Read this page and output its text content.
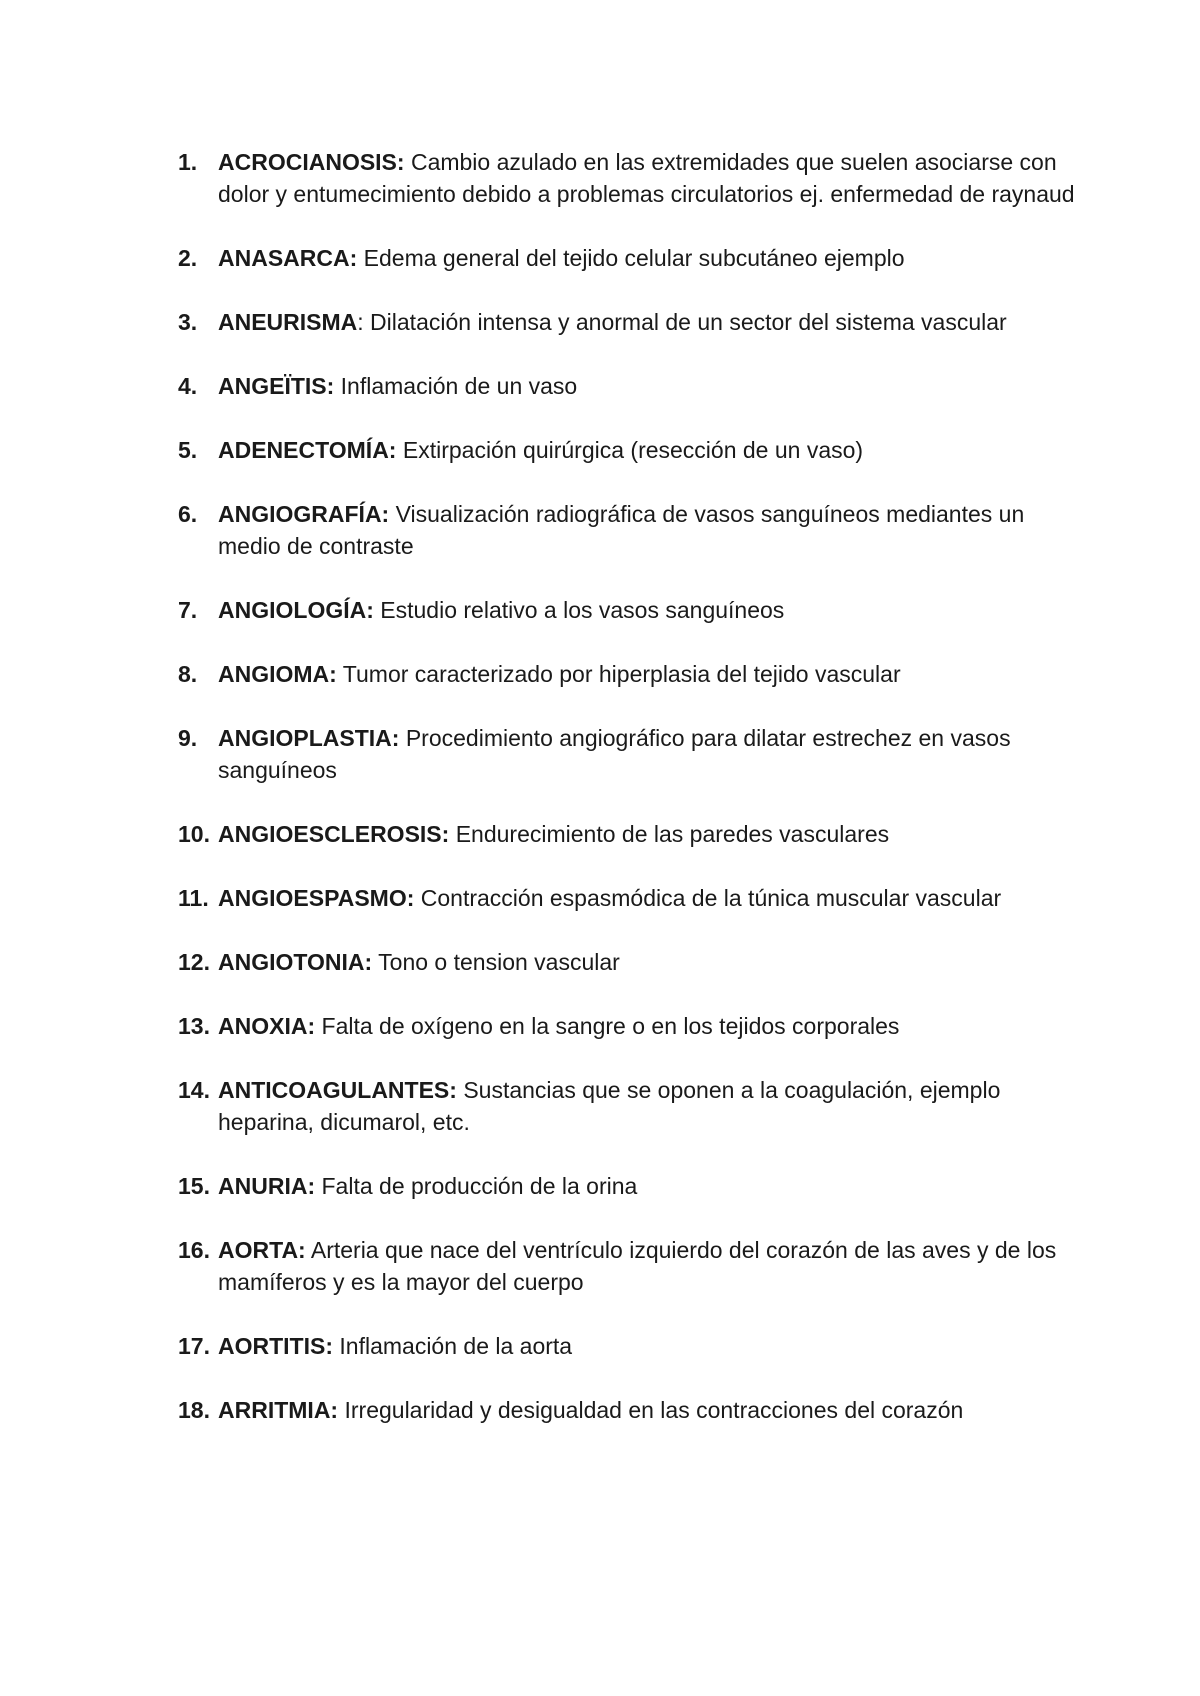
1. ACROCIANOSIS: Cambio azulado en las extremidades que suelen asociarse con dolor y entumecimiento debido a problemas circulatorios ej. enfermedad de raynaud
2. ANASARCA: Edema general del tejido celular subcutáneo ejemplo
3. ANEURISMA: Dilatación intensa y anormal de un sector del sistema vascular
4. ANGEÏTIS: Inflamación de un vaso
5. ADENECTOMÍA: Extirpación quirúrgica (resección de un vaso)
6. ANGIOGRAFÍA: Visualización radiográfica de vasos sanguíneos mediantes un medio de contraste
7. ANGIOLOGÍA: Estudio relativo a los vasos sanguíneos
8. ANGIOMA: Tumor caracterizado por hiperplasia del tejido vascular
9. ANGIOPLASTIA: Procedimiento angiográfico para dilatar estrechez en vasos sanguíneos
10. ANGIOESCLEROSIS: Endurecimiento de las paredes vasculares
11. ANGIOESPASMO: Contracción espasmódica de la túnica muscular vascular
12. ANGIOTONIA: Tono o tension vascular
13. ANOXIA: Falta de oxígeno en la sangre o en los tejidos corporales
14. ANTICOAGULANTES: Sustancias que se oponen a la coagulación, ejemplo heparina, dicumarol, etc.
15. ANURIA: Falta de producción de la orina
16. AORTA: Arteria que nace del ventrículo izquierdo del corazón de las aves y de los mamíferos y es la mayor del cuerpo
17. AORTITIS: Inflamación de la aorta
18. ARRITMIA: Irregularidad y desigualdad en las contracciones del corazón
